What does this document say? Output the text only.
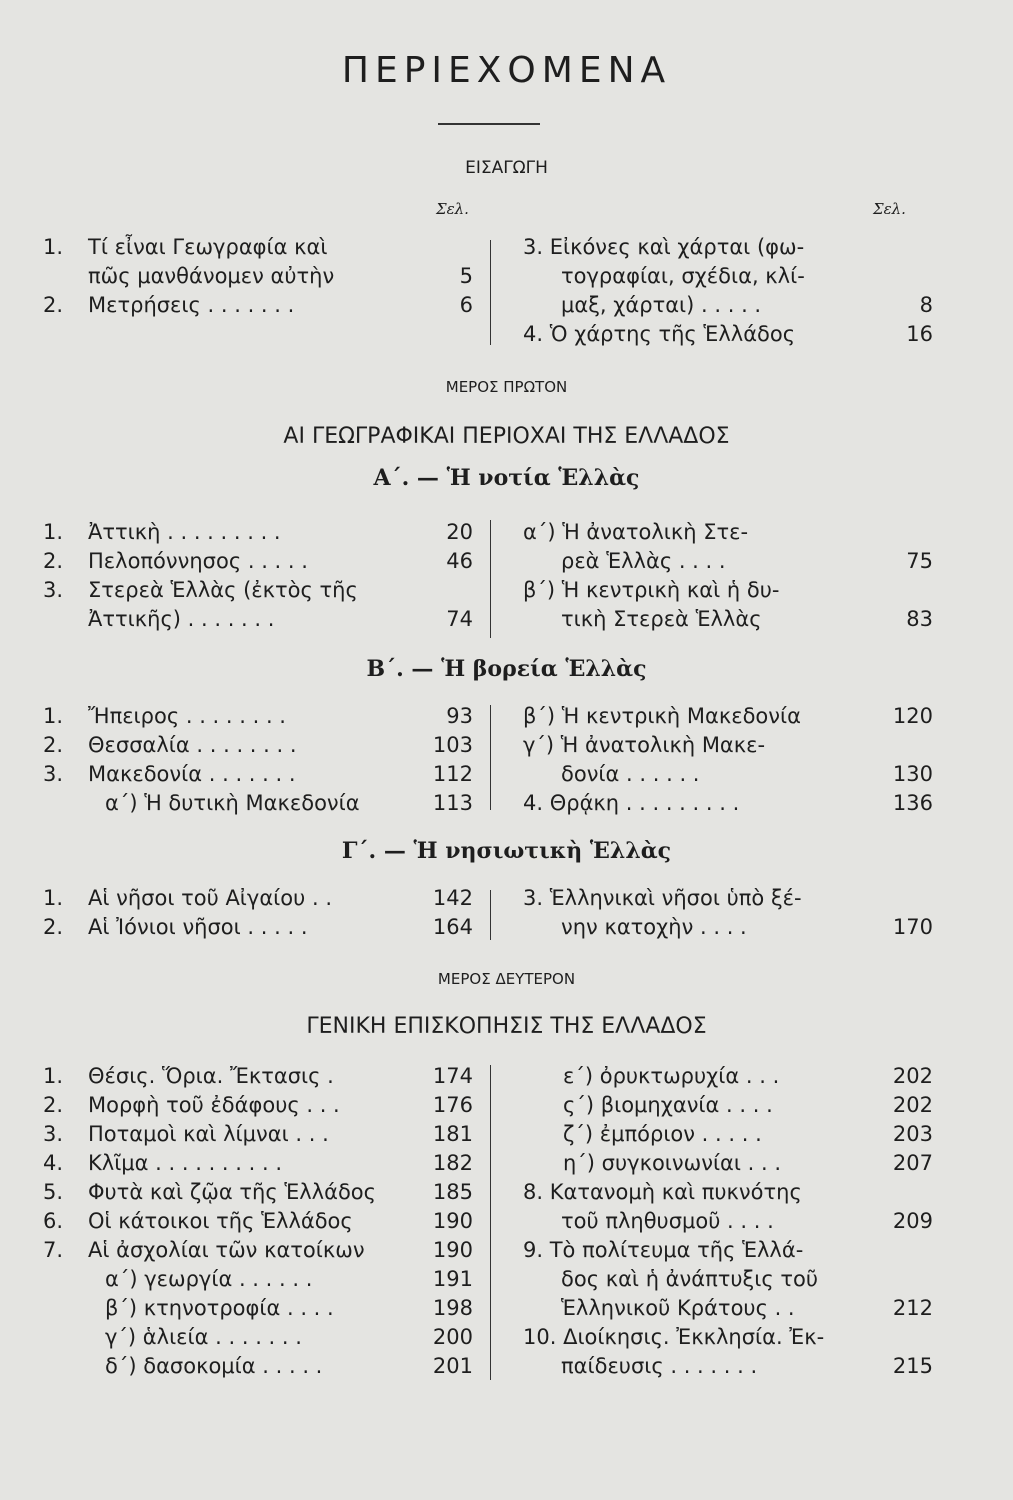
ΠΕΡΙΕΧΟΜΕΝΑ
ΕΙΣΑΓΩΓΗ
Σελ.	Σελ.
ΜΕΡΟΣ ΠΡΩΤΟΝ
ΑΙ ΓΕΩΓΡΑΦΙΚΑΙ ΠΕΡΙΟΧΑΙ ΤΗΣ ΕΛΛΑΔΟΣ
Α΄. — Ἡ νοτία Ἑλλὰς
Β΄. — Ἡ βορεία Ἑλλὰς
Γ΄. — Ἡ νησιωτικὴ Ἑλλὰς
ΜΕΡΟΣ ΔΕΥΤΕΡΟΝ
ΓΕΝΙΚΗ ΕΠΙΣΚΟΠΗΣΙΣ ΤΗΣ ΕΛΛΑΔΟΣ
1.	Τί εἶναι Γεωγραφία καὶ
πῶς μανθάνομεν αὐτὴν	5
2.	Μετρήσεις . . . . . . .	6
3. Εἰκόνες καὶ χάρται (φω-
τογραφίαι, σχέδια, κλί-
μαξ, χάρται) . . . . .	8
4. Ὁ χάρτης τῆς Ἑλλάδος	16
1.	Ἀττικὴ . . . . . . . . .	20
2.	Πελοπόννησος . . . . .	46
3.	Στερεὰ Ἑλλὰς (ἐκτὸς τῆς
Ἀττικῆς) . . . . . . .	74
α΄) Ἡ ἀνατολικὴ Στε-
ρεὰ Ἑλλὰς . . . .	75
β΄) Ἡ κεντρικὴ καὶ ἡ δυ-
τικὴ Στερεὰ Ἑλλὰς	83
1.	Ἤπειρος . . . . . . . .	93
2.	Θεσσαλία . . . . . . . .	103
3.	Μακεδονία . . . . . . .	112
α΄) Ἡ δυτικὴ Μακεδονία	113
β΄) Ἡ κεντρικὴ Μακεδονία	120
γ΄) Ἡ ἀνατολικὴ Μακε-
δονία . . . . . .	130
4. Θρᾴκη . . . . . . . . .	136
1.	Αἱ νῆσοι τοῦ Αἰγαίου . .	142
2.	Αἱ Ἰόνιοι νῆσοι . . . . .	164
3. Ἑλληνικαὶ νῆσοι ὑπὸ ξέ-
νην κατοχὴν . . . .	170
1.	Θέσις. Ὅρια. Ἔκτασις .	174
2.	Μορφὴ τοῦ ἐδάφους . . .	176
3.	Ποταμοὶ καὶ λίμναι . . .	181
4.	Κλῖμα . . . . . . . . . .	182
5.	Φυτὰ καὶ ζῷα τῆς Ἑλλάδος	185
6.	Οἱ κάτοικοι τῆς Ἑλλάδος	190
7.	Αἱ ἀσχολίαι τῶν κατοίκων	190
α΄) γεωργία . . . . . .	191
β΄) κτηνοτροφία . . . .	198
γ΄) ἁλιεία . . . . . . .	200
δ΄) δασοκομία . . . . .	201
ε΄) ὀρυκτωρυχία . . .	202
ς΄) βιομηχανία . . . .	202
ζ΄) ἐμπόριον . . . . .	203
η΄) συγκοινωνίαι . . .	207
8. Κατανομὴ καὶ πυκνότης
τοῦ πληθυσμοῦ . . . .	209
9. Τὸ πολίτευμα τῆς Ἑλλά-
δος καὶ ἡ ἀνάπτυξις τοῦ
Ἑλληνικοῦ Κράτους . .	212
10. Διοίκησις. Ἐκκλησία. Ἐκ-
παίδευσις . . . . . . .	215
